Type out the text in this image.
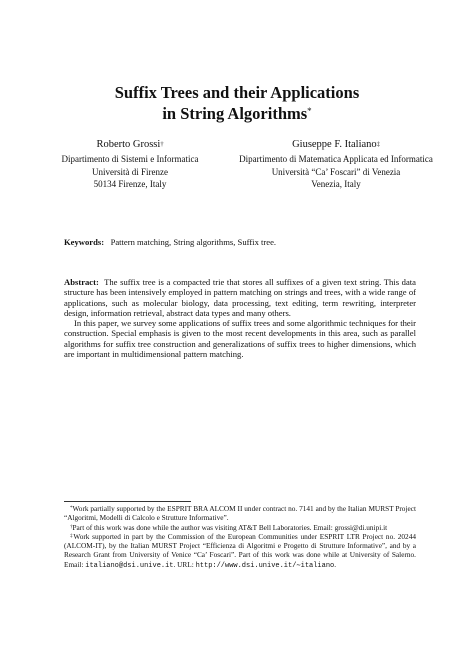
Suffix Trees and their Applications
in String Algorithms*
Roberto Grossi†
Dipartimento di Sistemi e Informatica
Università di Firenze
50134 Firenze, Italy
Giuseppe F. Italiano‡
Dipartimento di Matematica Applicata ed Informatica
Università “Ca’ Foscari” di Venezia
Venezia, Italy
Keywords: Pattern matching, String algorithms, Suffix tree.

Abstract: The suffix tree is a compacted trie that stores all suffixes of a given text string. This data structure has been intensively employed in pattern matching on strings and trees, with a wide range of applications, such as molecular biology, data processing, text editing, term rewriting, interpreter design, information retrieval, abstract data types and many others.

In this paper, we survey some applications of suffix trees and some algorithmic techniques for their construction. Special emphasis is given to the most recent developments in this area, such as parallel algorithms for suffix tree construction and generalizations of suffix trees to higher dimensions, which are important in multidimensional pattern matching.

*Work partially supported by the ESPRIT BRA ALCOM II under contract no. 7141 and by the Italian MURST Project “Algoritmi, Modelli di Calcolo e Strutture Informative”.

†Part of this work was done while the author was visiting AT&T Bell Laboratories. Email: grossi@di.unipi.it

‡Work supported in part by the Commission of the European Communities under ESPRIT LTR Project no. 20244 (ALCOM-IT), by the Italian MURST Project “Efficienza di Algoritmi e Progetto di Strutture Informative”, and by a Research Grant from University of Venice “Ca’ Foscari”. Part of this work was done while at University of Salerno. Email: italiano@dsi.unive.it. URL: http://www.dsi.unive.it/∼italiano.
